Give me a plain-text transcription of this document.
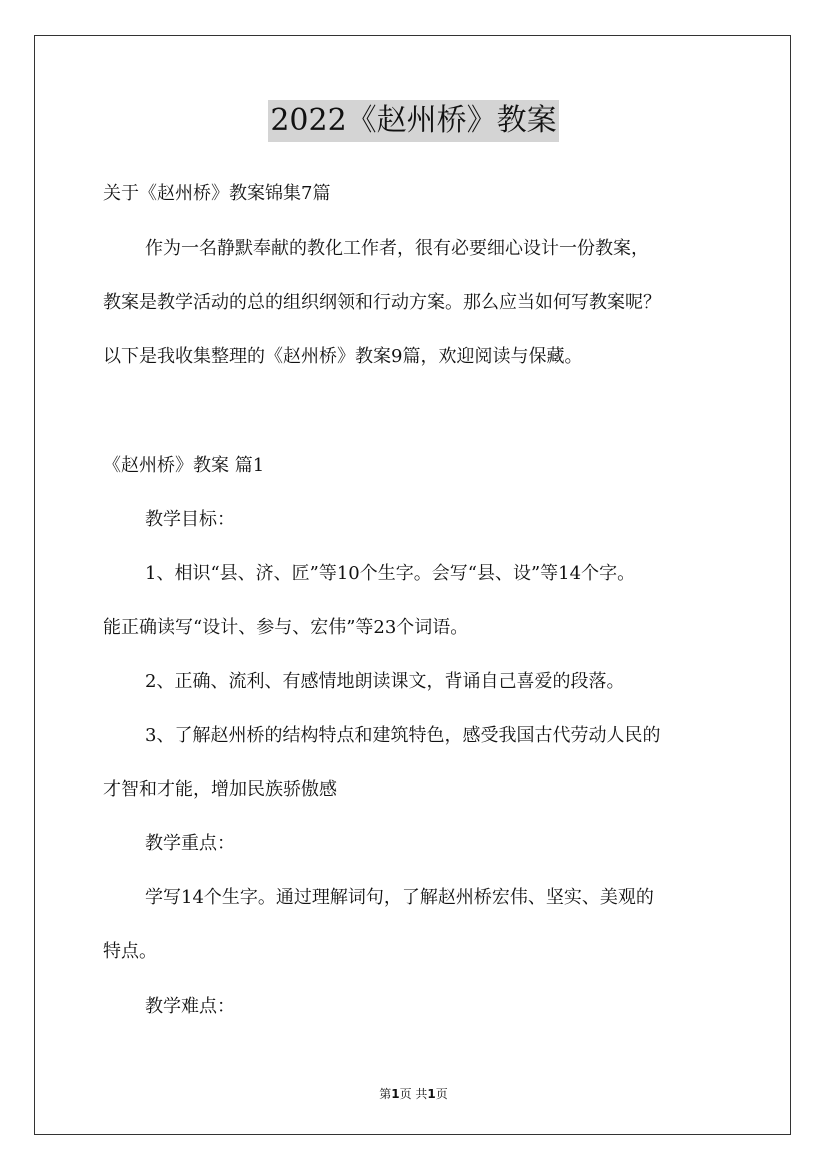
2022《赵州桥》教案
关于《赵州桥》教案锦集7篇
作为一名静默奉献的教化工作者，很有必要细心设计一份教案，
教案是教学活动的总的组织纲领和行动方案。那么应当如何写教案呢？
以下是我收集整理的《赵州桥》教案9篇，欢迎阅读与保藏。
《赵州桥》教案 篇1
教学目标：
1、相识“县、济、匠”等10个生字。会写“县、设”等14个字。
能正确读写“设计、参与、宏伟”等23个词语。
2、正确、流利、有感情地朗读课文，背诵自己喜爱的段落。
3、了解赵州桥的结构特点和建筑特色，感受我国古代劳动人民的
才智和才能，增加民族骄傲感
教学重点：
学写14个生字。通过理解词句，了解赵州桥宏伟、坚实、美观的
特点。
教学难点：
第1页 共1页
